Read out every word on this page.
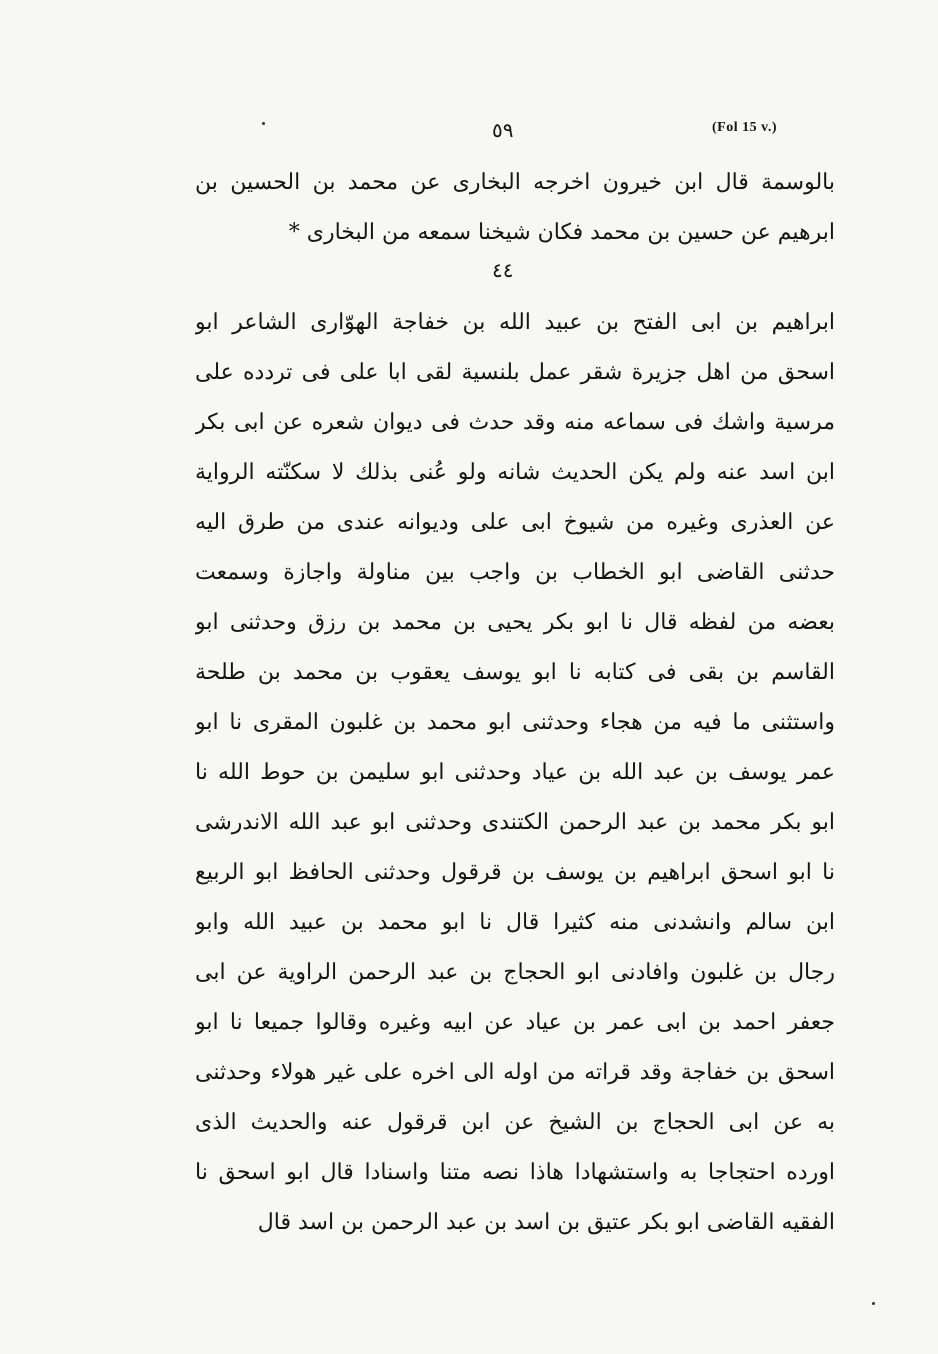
٥٩	(Fol 15 v.)
بالوسمة قال ابن خيرون اخرجه البخارى عن محمد بن الحسين بن
ابرهيم عن حسين بن محمد فكان شيخنا سمعه من البخارى *
٤٤
ابراهيم بن ابى الفتح بن عبيد الله بن خفاجة الهوّارى الشاعر ابو
اسحق من اهل جزيرة شقر عمل بلنسية لقى ابا على فى تردده على
مرسية واشك فى سماعه منه وقد حدث فى ديوان شعره عن ابى بكر
ابن اسد عنه ولم يكن الحديث شانه ولو عُنى بذلك لا سكنّته الرواية
عن العذرى وغيره من شيوخ ابى على وديوانه عندى من طرق اليه
حدثنى القاضى ابو الخطاب بن واجب بين مناولة واجازة وسمعت
بعضه من لفظه قال نا ابو بكر يحيى بن محمد بن رزق وحدثنى ابو
القاسم بن بقى فى كتابه نا ابو يوسف يعقوب بن محمد بن طلحة
واستثنى ما فيه من هجاء وحدثنى ابو محمد بن غلبون المقرى نا ابو
عمر يوسف بن عبد الله بن عياد وحدثنى ابو سليمن بن حوط الله نا
ابو بكر محمد بن عبد الرحمن الكتندى وحدثنى ابو عبد الله الاندرشى
نا ابو اسحق ابراهيم بن يوسف بن قرقول وحدثنى الحافظ ابو الربيع
ابن سالم وانشدنى منه كثيرا قال نا ابو محمد بن عبيد الله وابو
رجال بن غلبون وافادنى ابو الحجاج بن عبد الرحمن الراوية عن ابى
جعفر احمد بن ابى عمر بن عياد عن ابيه وغيره وقالوا جميعا نا ابو
اسحق بن خفاجة وقد قراته من اوله الى اخره على غير هولاء وحدثنى
به عن ابى الحجاج بن الشيخ عن ابن قرقول عنه والحديث الذى
اورده احتجاجا به واستشهادا هاذا نصه متنا واسنادا قال ابو اسحق نا
الفقيه القاضى ابو بكر عتيق بن اسد بن عبد الرحمن بن اسد قال
